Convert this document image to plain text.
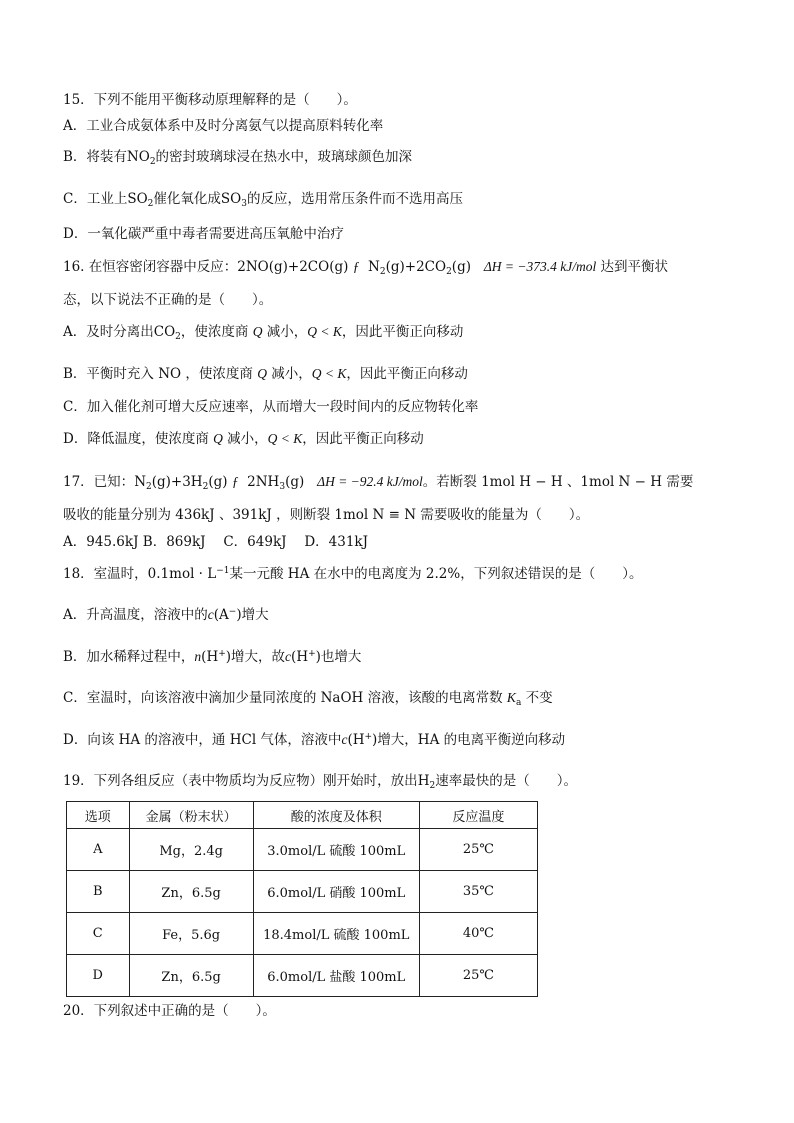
15．下列不能用平衡移动原理解释的是（　　）。
A．工业合成氨体系中及时分离氨气以提高原料转化率
B．将装有$NO_2$的密封玻璃球浸在热水中，玻璃球颜色加深
C．工业上$SO_2$催化氧化成$SO_3$的反应，选用常压条件而不选用高压
D．一氧化碳严重中毒者需要进高压氧舱中治疗
16. 在恒容密闭容器中反应：2NO(g)+2CO(g) ƒ $N_2(g)+2CO_2(g) \Delta H = -373.4$ kJ/mol 达到平衡状
态，以下说法不正确的是（　　）。
A．及时分离出$CO_2$，使浓度商 Q 减小，Q < K，因此平衡正向移动
B．平衡时充入 NO ，使浓度商 Q 减小，Q < K，因此平衡正向移动
C．加入催化剂可增大反应速率，从而增大一段时间内的反应物转化率
D．降低温度，使浓度商 Q 减小，Q < K，因此平衡正向移动
17．已知：$N_2(g)+3H_2(g)$ ƒ $2NH_3(g) \Delta H = -92.4$ kJ/mol。若断裂 1mol H − H 、1mol N − H 需要
吸收的能量分别为 436kJ 、391kJ ，则断裂 1mol N ≡ N 需要吸收的能量为（　　）。
A．945.6kJ B．869kJ　 C．649kJ　 D．431kJ
18．室温时，$0.1mol \cdot L^{-1}$某一元酸 HA 在水中的电离度为 2.2%，下列叙述错误的是（　　）。
A．升高温度，溶液中的c(A−)增大
B．加水稀释过程中，n(H+)增大，故c(H+)也增大
C．室温时，向该溶液中滴加少量同浓度的 NaOH 溶液，该酸的电离常数 $K_a$ 不变
D．向该 HA 的溶液中，通 HCl 气体，溶液中c(H+)增大，HA 的电离平衡逆向移动
19．下列各组反应（表中物质均为反应物）刚开始时，放出$H_2$速率最快的是（　　）。
选项	金属（粉末状）	酸的浓度及体积	反应温度
A	Mg，2.4g	3.0mol/L 硫酸 100mL	25℃
B	Zn，6.5g	6.0mol/L 硝酸 100mL	35℃
C	Fe，5.6g	18.4mol/L 硫酸 100mL	40℃
D	Zn，6.5g	6.0mol/L 盐酸 100mL	25℃
20．下列叙述中正确的是（　　）。
